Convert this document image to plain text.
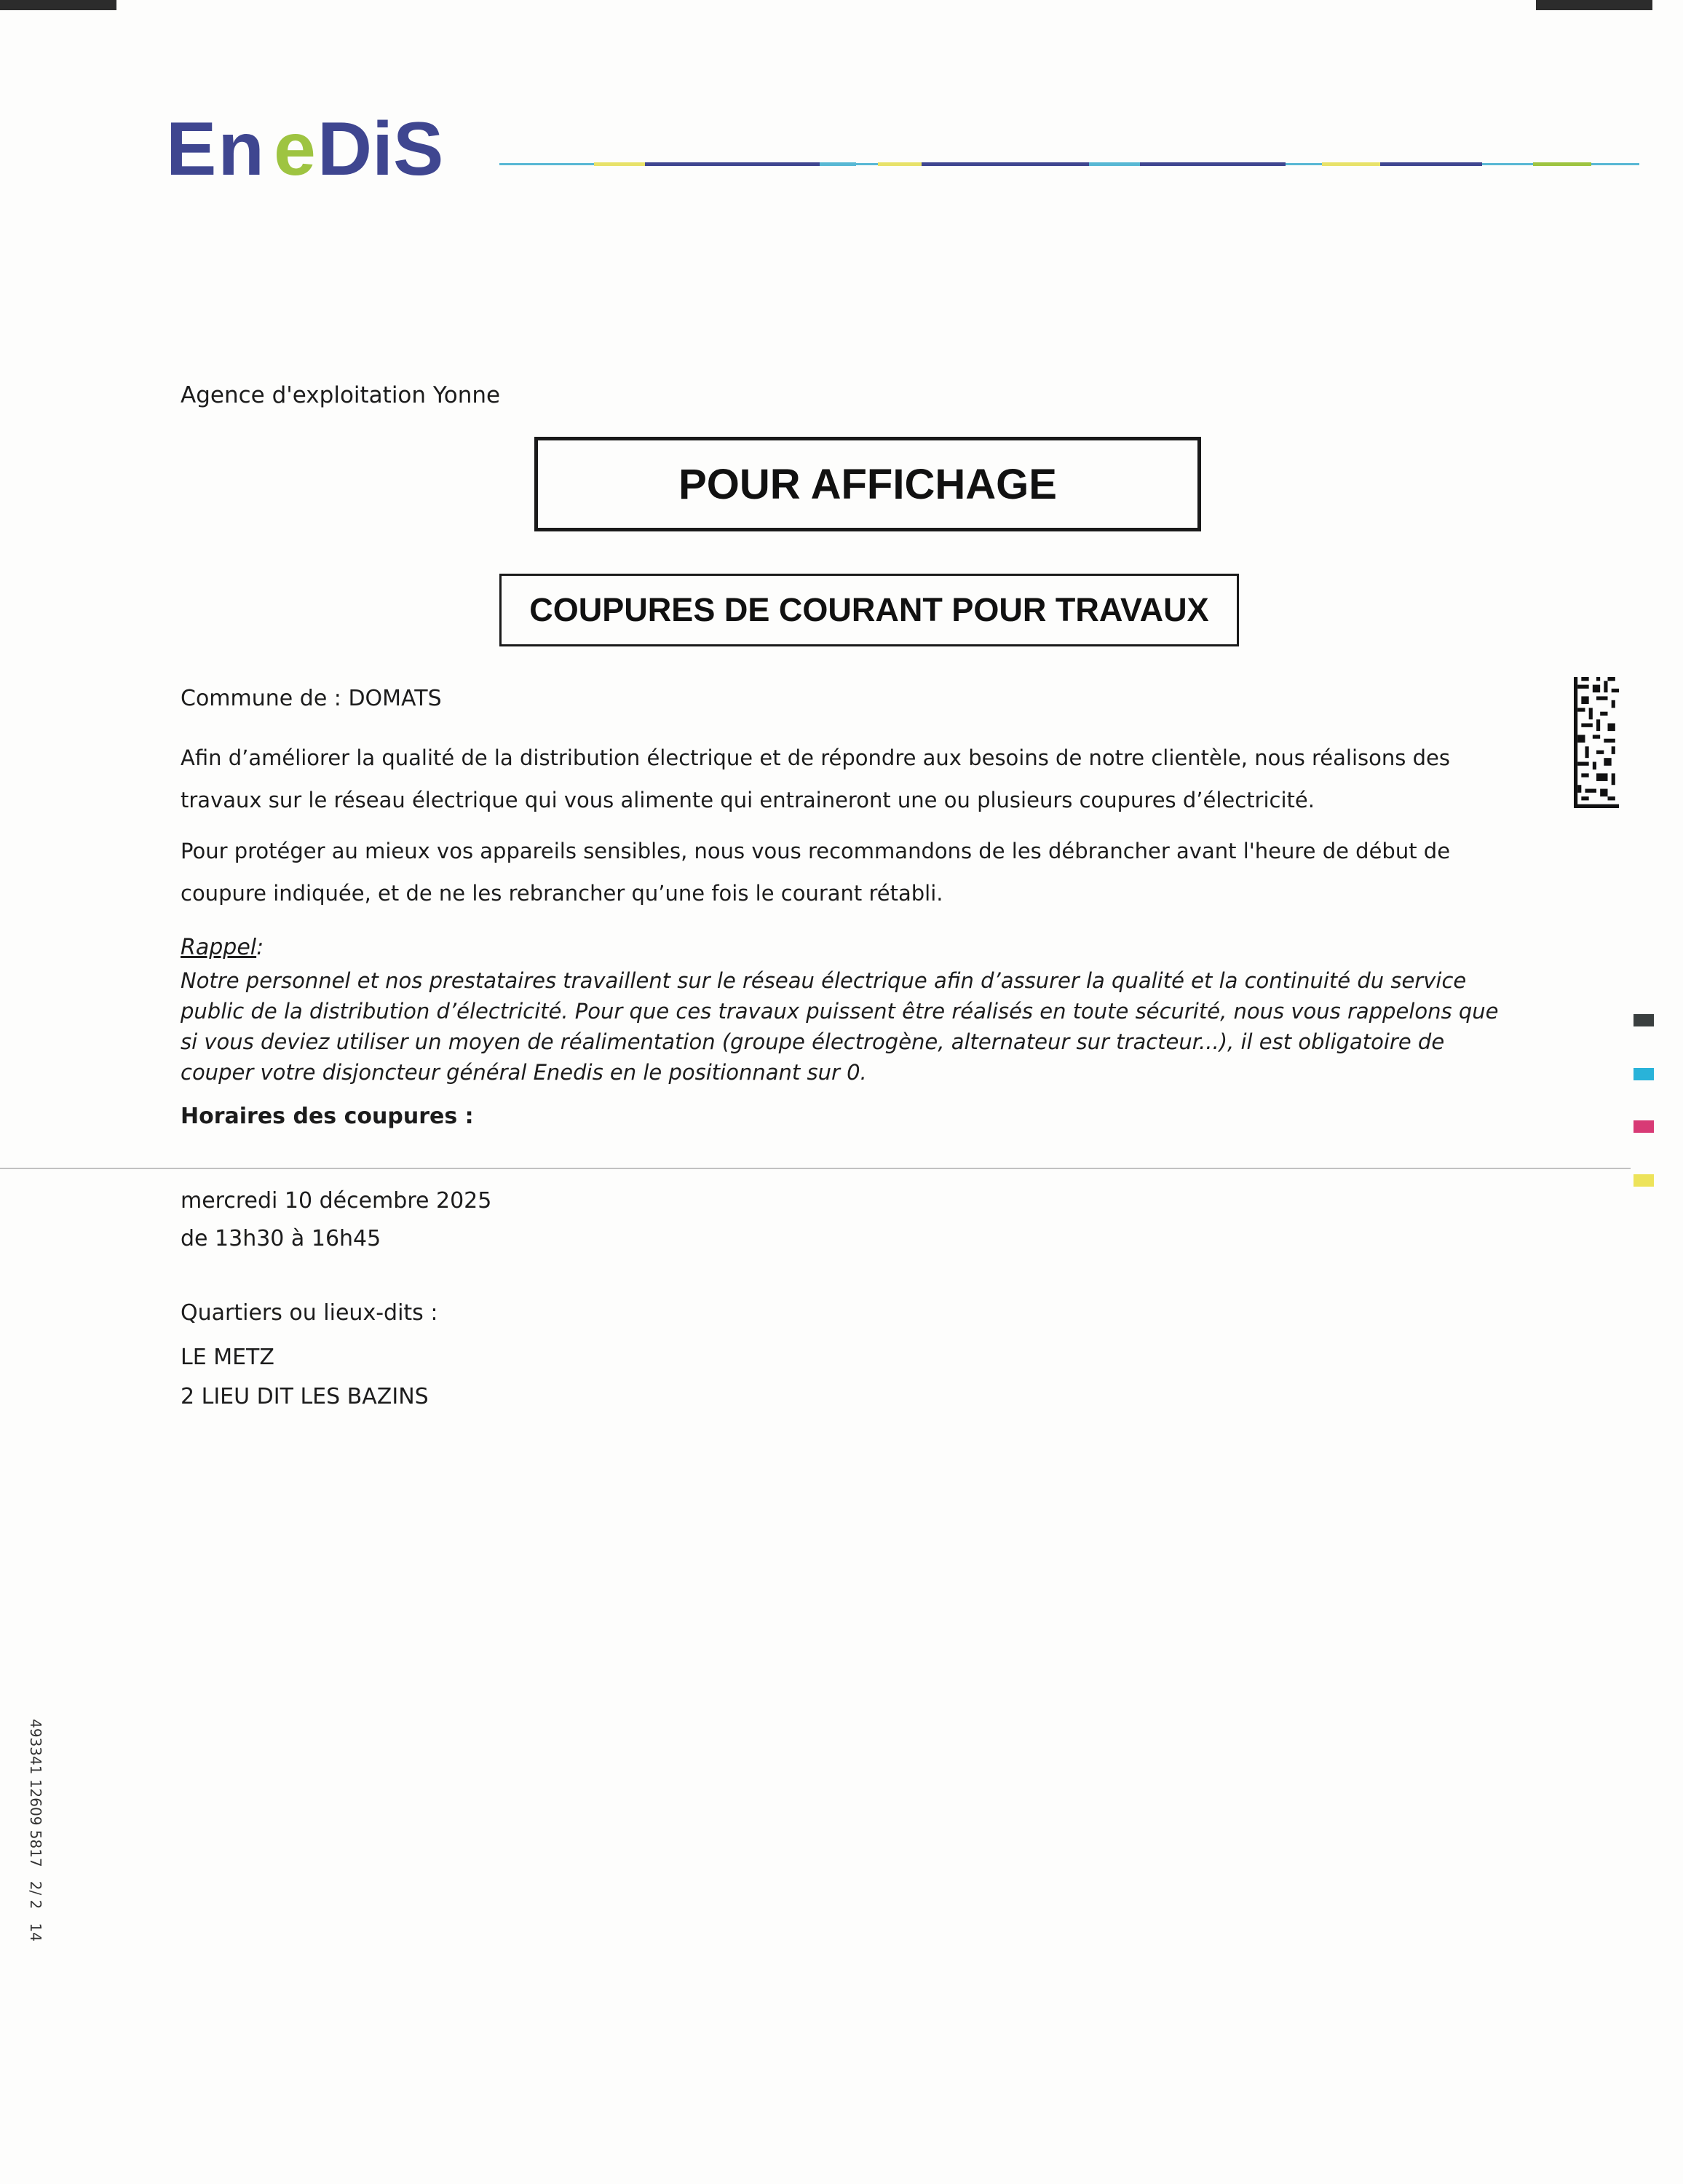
En e DiS
Agence d'exploitation Yonne
POUR AFFICHAGE
COUPURES DE COURANT POUR TRAVAUX
Commune de : DOMATS
Afin d’améliorer la qualité de la distribution électrique et de répondre aux besoins de notre clientèle, nous réalisons des travaux sur le réseau électrique qui vous alimente qui entraineront une ou plusieurs coupures d’électricité.
Pour protéger au mieux vos appareils sensibles, nous vous recommandons de les débrancher avant l'heure de début de coupure indiquée, et de ne les rebrancher qu’une fois le courant rétabli.
Rappel:
Notre personnel et nos prestataires travaillent sur le réseau électrique afin d’assurer la qualité et la continuité du service public de la distribution d’électricité. Pour que ces travaux puissent être réalisés en toute sécurité, nous vous rappelons que si vous deviez utiliser un moyen de réalimentation (groupe électrogène, alternateur sur tracteur...), il est obligatoire de couper votre disjoncteur général Enedis en le positionnant sur 0.
Horaires des coupures :
mercredi 10 décembre 2025
de 13h30 à 16h45
Quartiers ou lieux-dits :
LE METZ
2 LIEU DIT LES BAZINS
493341 12609 5817   2/ 2   14
